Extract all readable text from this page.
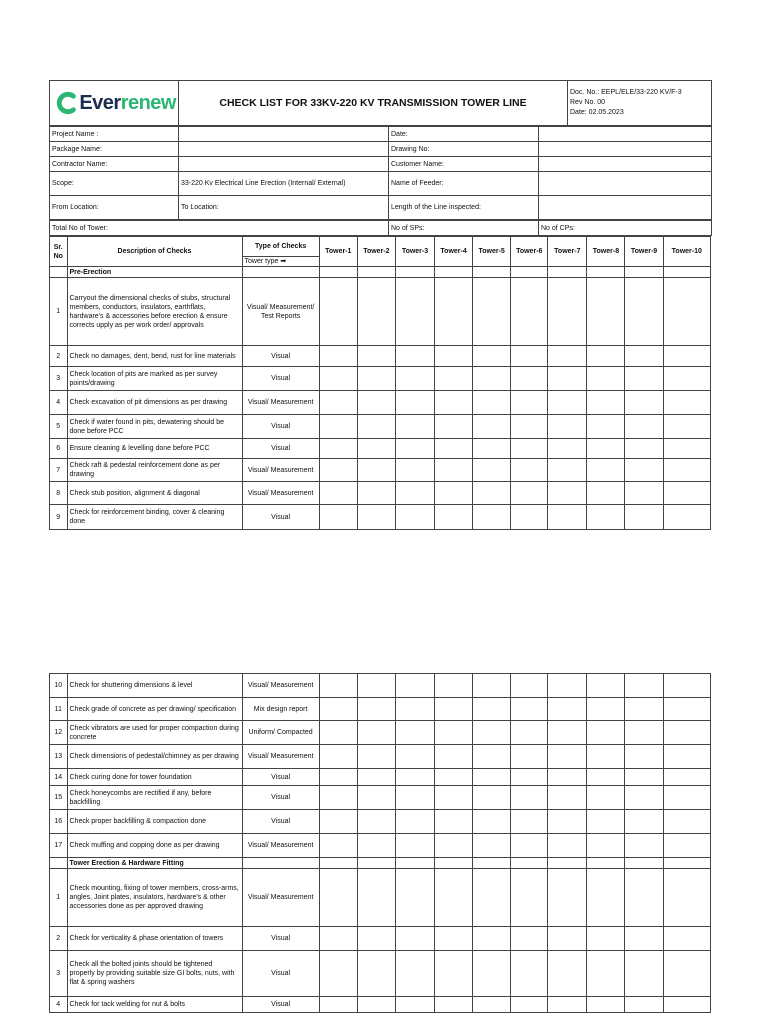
Everrenew	CHECK LIST FOR 33KV-220 KV TRANSMISSION TOWER LINE	
Doc. No.: EEPL/ELE/33-220 KV/F-3
Rev No. 00
Date: 02.05.2023
Project Name :		Date:	
Package Name:		Drawing No:	
Contractor Name:		Customer Name:	
Scope:	33-220 Kv Electrical Line Erection (Internal/ External)	Name of Feeder:	
From Location:	To Location:	Length of the Line inspected:	
Total No of Tower:	No of SPs:	No of CPs:
Sr. No	Description of Checks	Type of Checks	Tower-1	Tower-2	Tower-3	Tower-4	Tower-5	Tower-6	Tower-7	Tower-8	Tower-9	Tower-10
		Tower type ➡										
	Pre-Erection											
1	Carryout the dimensional checks of stubs, structural members, conductors, insulators, earthflats, hardware's & accessories before erection & ensure corrects upply as per work order/ approvals	Visual/ Measurement/ Test Reports										
2	Check no damages, dent, bend, rust for line materials	Visual										
3	Check location of pits are marked as per survey points/drawing	Visual										
4	Check excavation of pit dimensions as per drawing	Visual/ Measurement										
5	Check if water found in pits, dewatering should be done before PCC	Visual										
6	Ensure cleaning & levelling done before PCC	Visual										
7	Check raft & pedestal reinforcement done as per drawing	Visual/ Measurement										
8	Check stub position, alignment & diagonal	Visual/ Measurement										
9	Check for reinforcement binding, cover & cleaning done	Visual										
10	Check for shuttering dimensions & level	Visual/ Measurement										
11	Check grade of concrete as per drawing/ specification	Mix design report										
12	Check vibrators are used for proper compaction during concrete	Uniform/ Compacted										
13	Check dimensions of pedestal/chimney as per drawing	Visual/ Measurement										
14	Check curing done for tower foundation	Visual										
15	Check honeycombs are rectified if any, before backfilling	Visual										
16	Check proper backfilling & compaction done	Visual										
17	Check muffing and copping done as per drawing	Visual/ Measurement										
	Tower Erection & Hardware Fitting											
1	Check mounting, fixing of tower members, cross-arms, angles, Joint plates, insulators, hardware's & other accessories done as per approved drawing	Visual/ Measurement										
2	Check for verticality & phase orientation of towers	Visual										
3	Check all the bolted joints should be tightened properly by providing suitable size GI bolts, nuts, with flat & spring washers	Visual										
4	Check for tack welding for nut & bolts	Visual										
